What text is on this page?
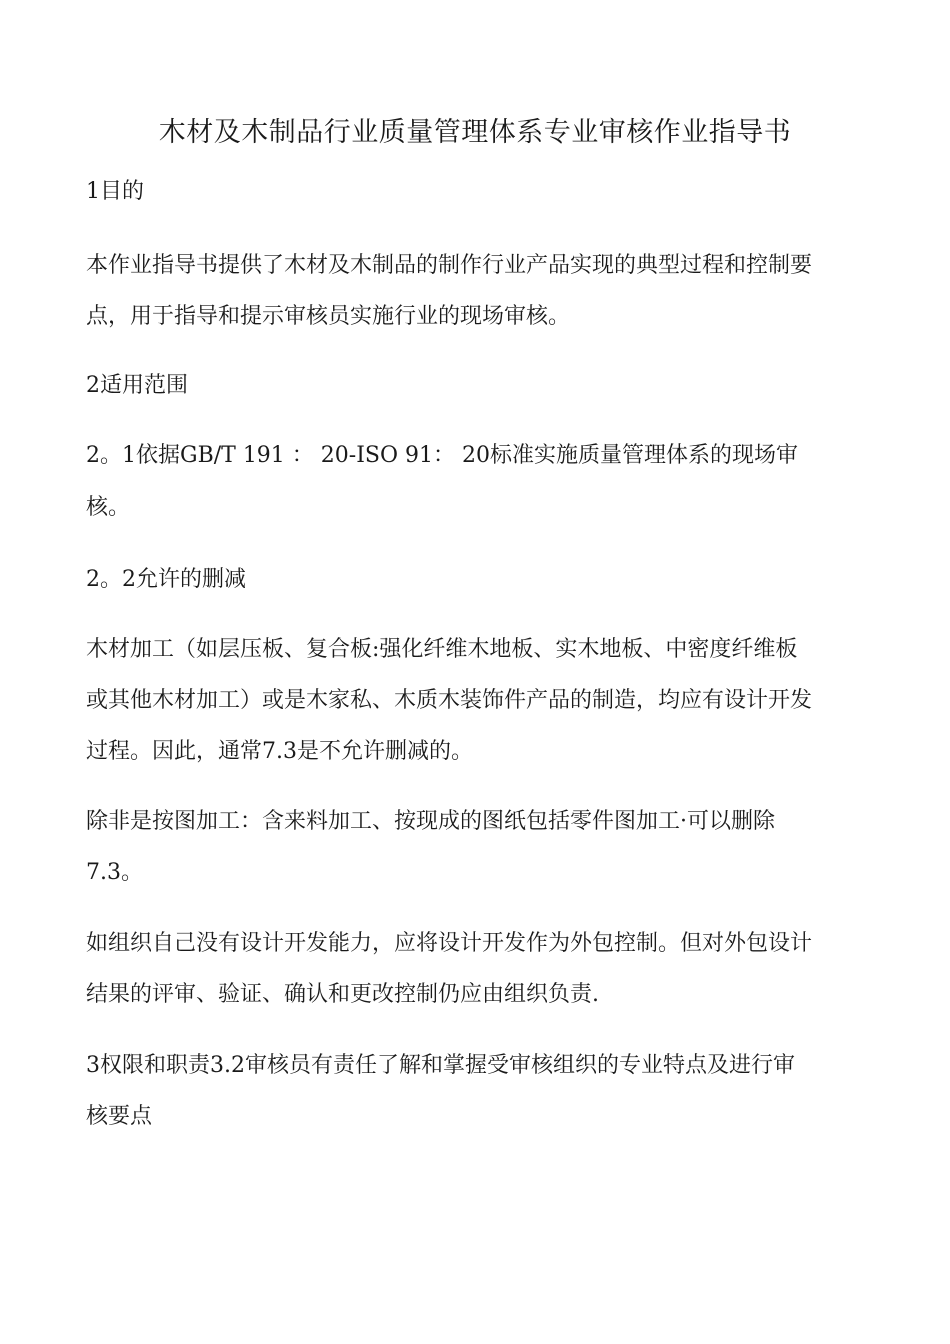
木材及木制品行业质量管理体系专业审核作业指导书
1目的
本作业指导书提供了木材及木制品的制作行业产品实现的典型过程和控制要
点，用于指导和提示审核员实施行业的现场审核。
2适用范围
2。1依据GB/T 191 ： 20-ISO 91： 20标准实施质量管理体系的现场审
核。
2。2允许的删减
木材加工（如层压板、复合板:强化纤维木地板、实木地板、中密度纤维板
或其他木材加工）或是木家私、木质木装饰件产品的制造，均应有设计开发
过程。因此，通常7.3是不允许删减的。
除非是按图加工：含来料加工、按现成的图纸包括零件图加工·可以删除
7.3。
如组织自己没有设计开发能力，应将设计开发作为外包控制。但对外包设计
结果的评审、验证、确认和更改控制仍应由组织负责.
3权限和职责3.2审核员有责任了解和掌握受审核组织的专业特点及进行审
核要点
